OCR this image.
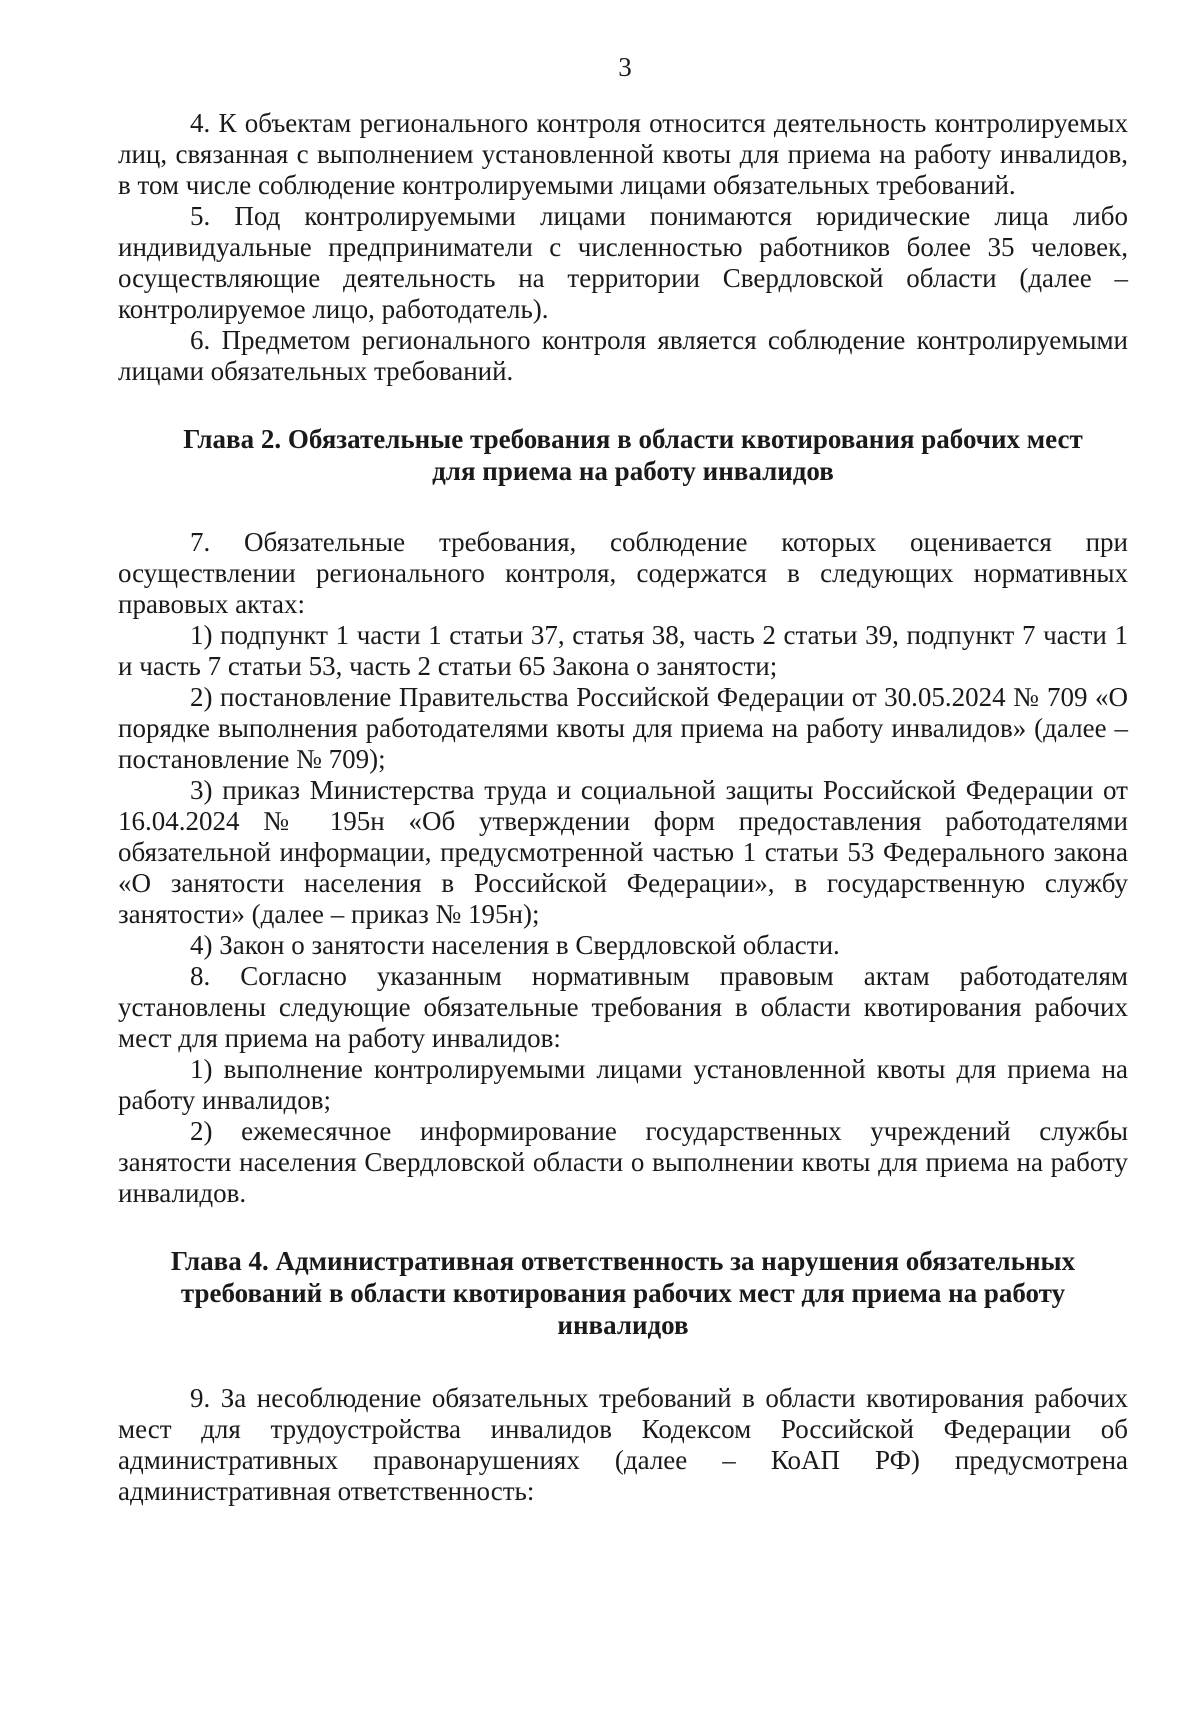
3

4. К объектам регионального контроля относится деятельность контролируемых лиц, связанная с выполнением установленной квоты для приема на работу инвалидов, в том числе соблюдение контролируемыми лицами обязательных требований.

5. Под контролируемыми лицами понимаются юридические лица либо индивидуальные предприниматели с численностью работников более 35 человек, осуществляющие деятельность на территории Свердловской области (далее – контролируемое лицо, работодатель).

6. Предметом регионального контроля является соблюдение контролируемыми лицами обязательных требований.

Глава 2. Обязательные требования в области квотирования рабочих мест для приема на работу инвалидов

7. Обязательные требования, соблюдение которых оценивается при осуществлении регионального контроля, содержатся в следующих нормативных правовых актах:

1) подпункт 1 части 1 статьи 37, статья 38, часть 2 статьи 39, подпункт 7 части 1 и часть 7 статьи 53, часть 2 статьи 65 Закона о занятости;

2) постановление Правительства Российской Федерации от 30.05.2024 № 709 «О порядке выполнения работодателями квоты для приема на работу инвалидов» (далее – постановление № 709);

3) приказ Министерства труда и социальной защиты Российской Федерации от 16.04.2024 № 195н «Об утверждении форм предоставления работодателями обязательной информации, предусмотренной частью 1 статьи 53 Федерального закона «О занятости населения в Российской Федерации», в государственную службу занятости» (далее – приказ № 195н);

4) Закон о занятости населения в Свердловской области.

8. Согласно указанным нормативным правовым актам работодателям установлены следующие обязательные требования в области квотирования рабочих мест для приема на работу инвалидов:

1) выполнение контролируемыми лицами установленной квоты для приема на работу инвалидов;

2) ежемесячное информирование государственных учреждений службы занятости населения Свердловской области о выполнении квоты для приема на работу инвалидов.

Глава 4. Административная ответственность за нарушения обязательных требований в области квотирования рабочих мест для приема на работу инвалидов

9. За несоблюдение обязательных требований в области квотирования рабочих мест для трудоустройства инвалидов Кодексом Российской Федерации об административных правонарушениях (далее – КоАП РФ) предусмотрена административная ответственность:
